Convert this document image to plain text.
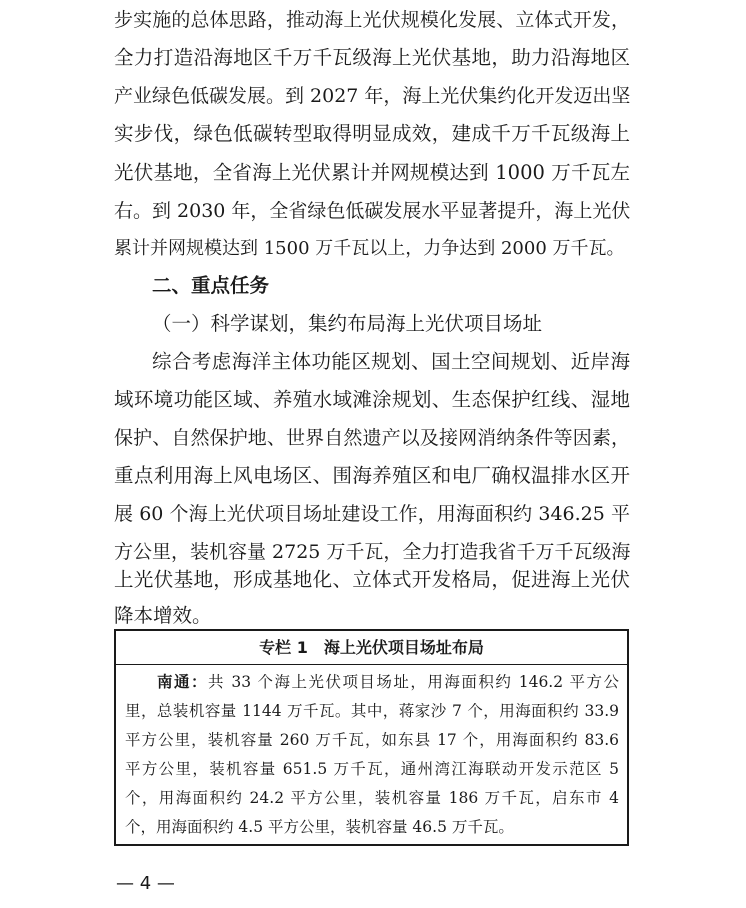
步实施的总体思路，推动海上光伏规模化发展、立体式开发，
全力打造沿海地区千万千瓦级海上光伏基地，助力沿海地区
产业绿色低碳发展。到 2027 年，海上光伏集约化开发迈出坚
实步伐，绿色低碳转型取得明显成效，建成千万千瓦级海上
光伏基地，全省海上光伏累计并网规模达到 1000 万千瓦左
右。到 2030 年，全省绿色低碳发展水平显著提升，海上光伏
累计并网规模达到 1500 万千瓦以上，力争达到 2000 万千瓦。
二、重点任务
（一）科学谋划，集约布局海上光伏项目场址
综合考虑海洋主体功能区规划、国土空间规划、近岸海
域环境功能区域、养殖水域滩涂规划、生态保护红线、湿地
保护、自然保护地、世界自然遗产以及接网消纳条件等因素，
重点利用海上风电场区、围海养殖区和电厂确权温排水区开
展 60 个海上光伏项目场址建设工作，用海面积约 346.25 平
方公里，装机容量 2725 万千瓦，全力打造我省千万千瓦级海
上光伏基地，形成基地化、立体式开发格局，促进海上光伏
降本增效。
专栏 1　海上光伏项目场址布局
南通：共 33 个海上光伏项目场址，用海面积约 146.2 平方公
里，总装机容量 1144 万千瓦。其中，蒋家沙 7 个，用海面积约 33.9
平方公里，装机容量 260 万千瓦，如东县 17 个，用海面积约 83.6
平方公里，装机容量 651.5 万千瓦，通州湾江海联动开发示范区 5
个，用海面积约 24.2 平方公里，装机容量 186 万千瓦，启东市 4
个，用海面积约 4.5 平方公里，装机容量 46.5 万千瓦。
— 4 —
